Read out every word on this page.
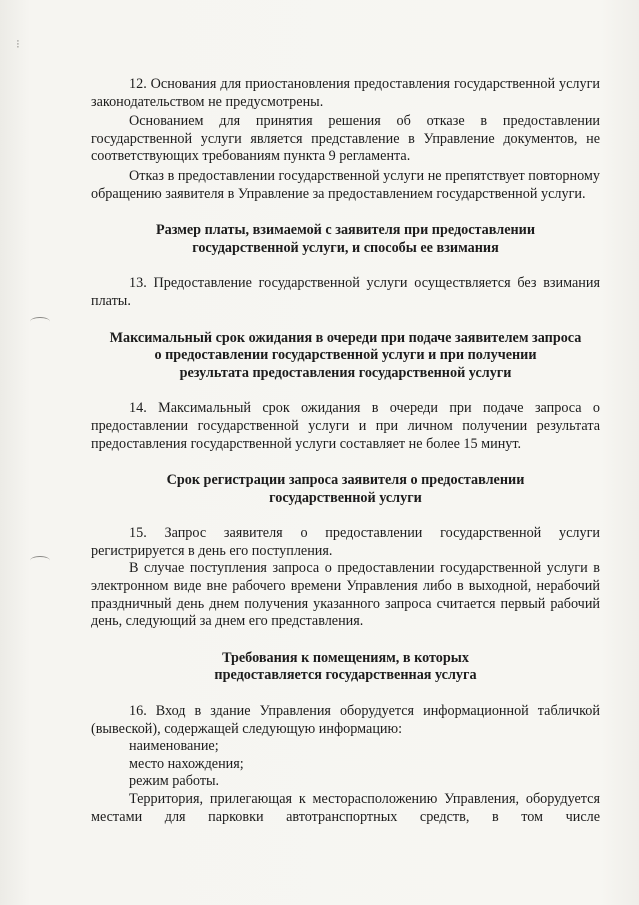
⁝

12. Основания для приостановления предоставления государственной услуги законодательством не предусмотрены.

Основанием для принятия решения об отказе в предоставлении государственной услуги является представление в Управление документов, не соответствующих требованиям пункта 9 регламента.

Отказ в предоставлении государственной услуги не препятствует повторному обращению заявителя в Управление за предоставлением государственной услуги.

Размер платы, взимаемой с заявителя при предоставлении
государственной услуги, и способы ее взимания

13. Предоставление государственной услуги осуществляется без взимания платы.

Максимальный срок ожидания в очереди при подаче заявителем запроса
о предоставлении государственной услуги и при получении
результата предоставления государственной услуги

14. Максимальный срок ожидания в очереди при подаче запроса о предоставлении государственной услуги и при личном получении результата предоставления государственной услуги составляет не более 15 минут.

Срок регистрации запроса заявителя о предоставлении
государственной услуги

15. Запрос заявителя о предоставлении государственной услуги регистрируется в день его поступления.

В случае поступления запроса о предоставлении государственной услуги в электронном виде вне рабочего времени Управления либо в выходной, нерабочий праздничный день днем получения указанного запроса считается первый рабочий день, следующий за днем его представления.

Требования к помещениям, в которых
предоставляется государственная услуга

16. Вход в здание Управления оборудуется информационной табличкой (вывеской), содержащей следующую информацию:

наименование;
место нахождения;
режим работы.

Территория, прилегающая к месторасположению Управления, оборудуется местами для парковки автотранспортных средств, в том числе
